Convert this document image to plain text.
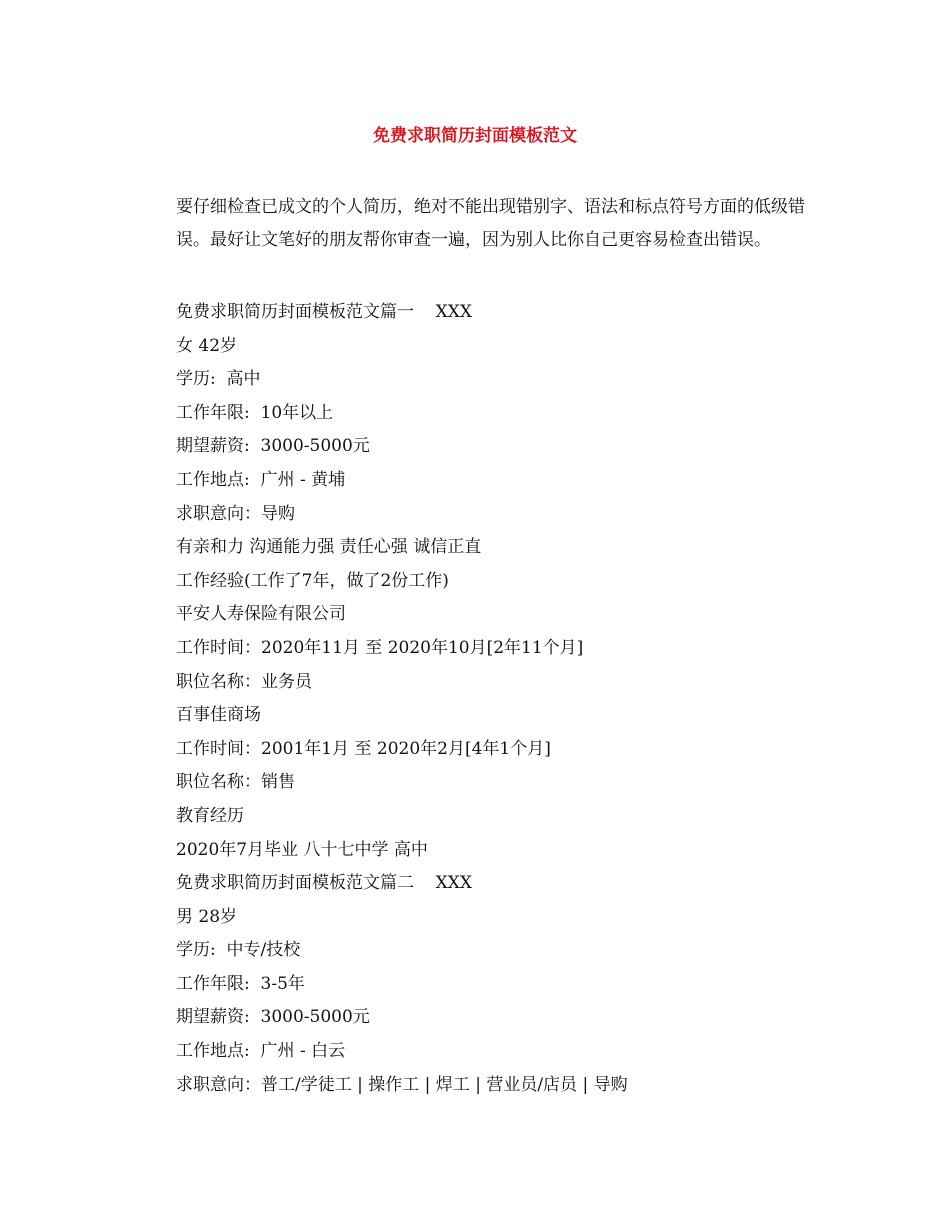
免费求职简历封面模板范文

要仔细检查已成文的个人简历，绝对不能出现错别字、语法和标点符号方面的低级错误。最好让文笔好的朋友帮你审查一遍，因为别人比你自己更容易检查出错误。

免费求职简历封面模板范文篇一    XXX
女 42岁
学历:  高中
工作年限:  10年以上
期望薪资:  3000-5000元
工作地点:  广州 - 黄埔
求职意向：导购
有亲和力 沟通能力强 责任心强 诚信正直
工作经验(工作了7年，做了2份工作)
平安人寿保险有限公司
工作时间：2020年11月 至 2020年10月[2年11个月]
职位名称：业务员
百事佳商场
工作时间：2001年1月 至 2020年2月[4年1个月]
职位名称：销售
教育经历
2020年7月毕业 八十七中学 高中
免费求职简历封面模板范文篇二    XXX
男 28岁
学历:  中专/技校
工作年限:  3-5年
期望薪资:  3000-5000元
工作地点:  广州 - 白云
求职意向：普工/学徒工 | 操作工 | 焊工 | 营业员/店员 | 导购
